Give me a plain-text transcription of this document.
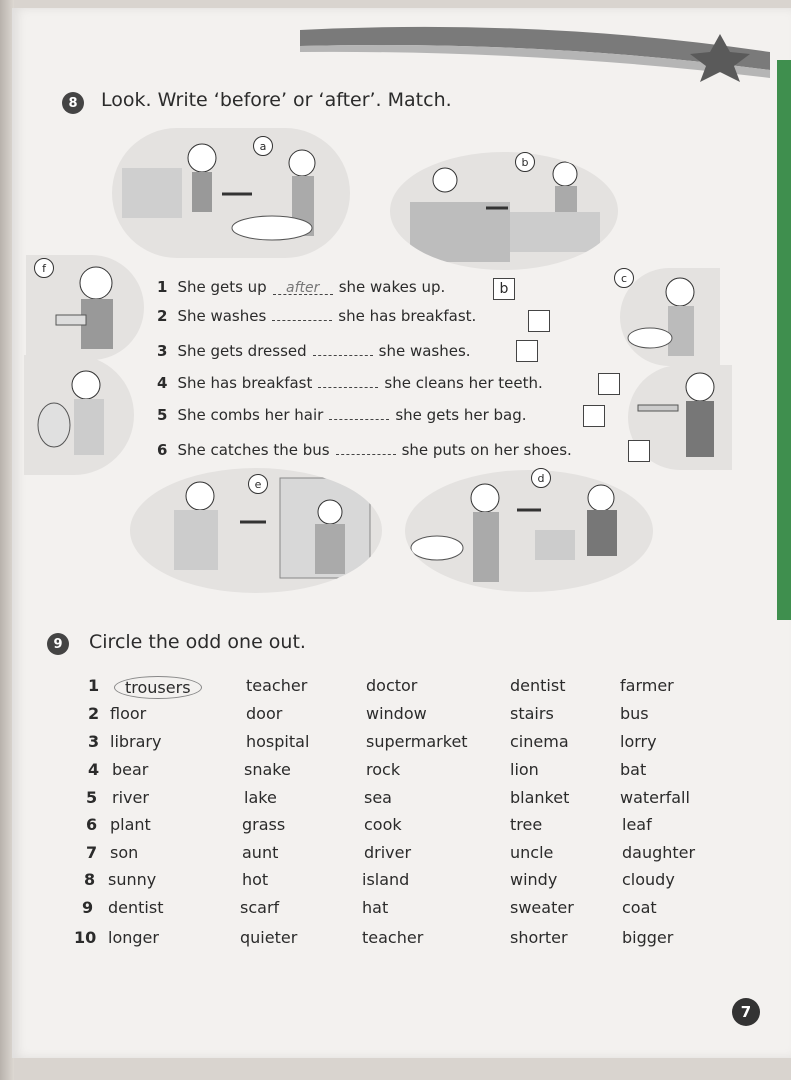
8	Look. Write ‘before’ or ‘after’. Match.
a
b
f
c
e	d
1 She gets up after she wakes up.	b
2 She washes	she has breakfast.
3 She gets dressed	she washes.
4 She has breakfast	she cleans her teeth.
5 She combs her hair	she gets her bag.
6 She catches the bus	she puts on her shoes.
9	Circle the odd one out.
1	trousers	teacher	doctor	dentist	farmer
2 floor	door	window	stairs	bus
3 library	hospital	supermarket	cinema	lorry
4 bear	snake	rock	lion	bat
5 river	lake	sea	blanket	waterfall
6 plant	grass	cook	tree	leaf
7 son	aunt	driver	uncle	daughter
8 sunny	hot	island	windy	cloudy
9 dentist	scarf	hat	sweater	coat
10 longer	quieter	teacher	shorter	bigger
7
